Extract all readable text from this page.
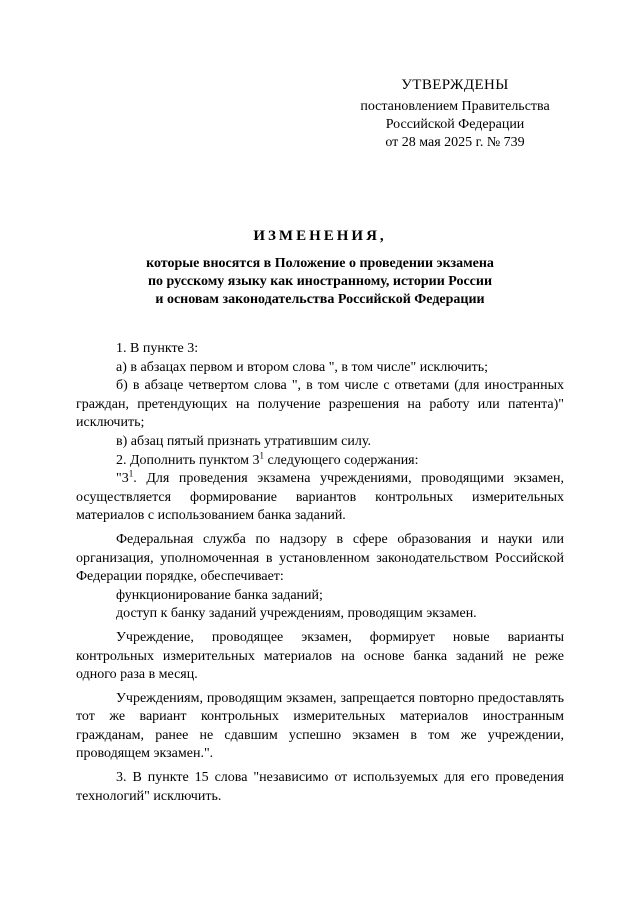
УТВЕРЖДЕНЫ
постановлением Правительства
Российской Федерации
от 28 мая 2025 г. № 739
ИЗМЕНЕНИЯ,
которые вносятся в Положение о проведении экзамена
по русскому языку как иностранному, истории России
и основам законодательства Российской Федерации

1. В пункте 3:

а) в абзацах первом и втором слова ", в том числе" исключить;

б) в абзаце четвертом слова ", в том числе с ответами (для иностранных граждан, претендующих на получение разрешения на работу или патента)" исключить;

в) абзац пятый признать утратившим силу.

2. Дополнить пунктом $3^1$ следующего содержания:

"$3^1$. Для проведения экзамена учреждениями, проводящими экзамен, осуществляется формирование вариантов контрольных измерительных материалов с использованием банка заданий.

Федеральная служба по надзору в сфере образования и науки или организация, уполномоченная в установленном законодательством Российской Федерации порядке, обеспечивает:

функционирование банка заданий;

доступ к банку заданий учреждениям, проводящим экзамен.

Учреждение, проводящее экзамен, формирует новые варианты контрольных измерительных материалов на основе банка заданий не реже одного раза в месяц.

Учреждениям, проводящим экзамен, запрещается повторно предоставлять тот же вариант контрольных измерительных материалов иностранным гражданам, ранее не сдавшим успешно экзамен в том же учреждении, проводящем экзамен.".

3. В пункте 15 слова "независимо от используемых для его проведения технологий" исключить.
